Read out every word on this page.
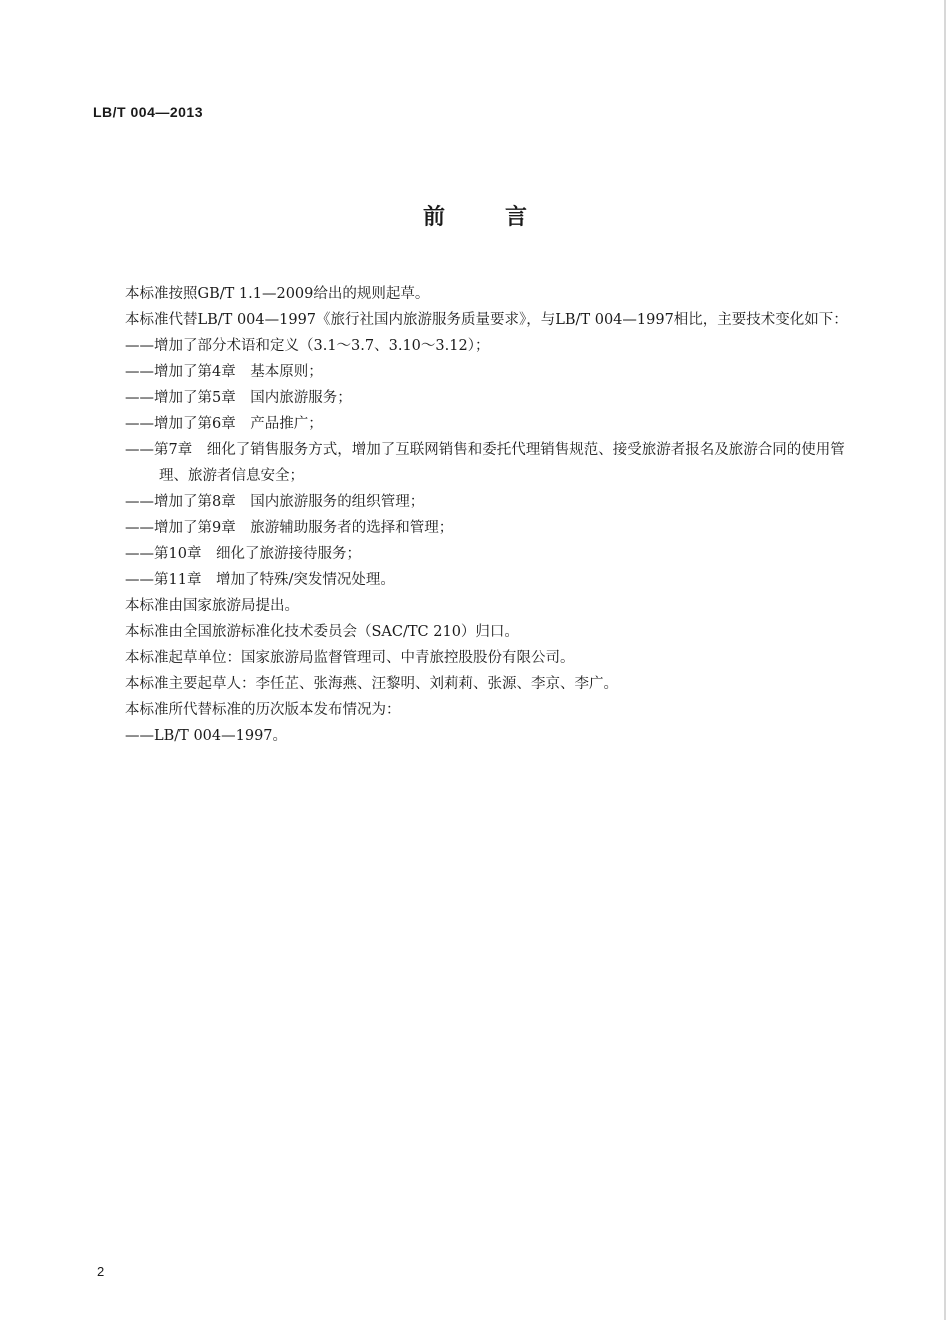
LB/T 004—2013
前言

本标准按照GB/T 1.1—2009给出的规则起草。

本标准代替LB/T 004—1997《旅行社国内旅游服务质量要求》，与LB/T 004—1997相比，主要技术变化如下：

——增加了部分术语和定义（3.1～3.7、3.10～3.12）；

——增加了第4章　基本原则；

——增加了第5章　国内旅游服务；

——增加了第6章　产品推广；

——第7章　细化了销售服务方式，增加了互联网销售和委托代理销售规范、接受旅游者报名及旅游合同的使用管理、旅游者信息安全；

——增加了第8章　国内旅游服务的组织管理；

——增加了第9章　旅游辅助服务者的选择和管理；

——第10章　细化了旅游接待服务；

——第11章　增加了特殊/突发情况处理。

本标准由国家旅游局提出。

本标准由全国旅游标准化技术委员会（SAC/TC 210）归口。

本标准起草单位：国家旅游局监督管理司、中青旅控股股份有限公司。

本标准主要起草人：李任芷、张海燕、汪黎明、刘莉莉、张源、李京、李广。

本标准所代替标准的历次版本发布情况为：

——LB/T 004—1997。

2
